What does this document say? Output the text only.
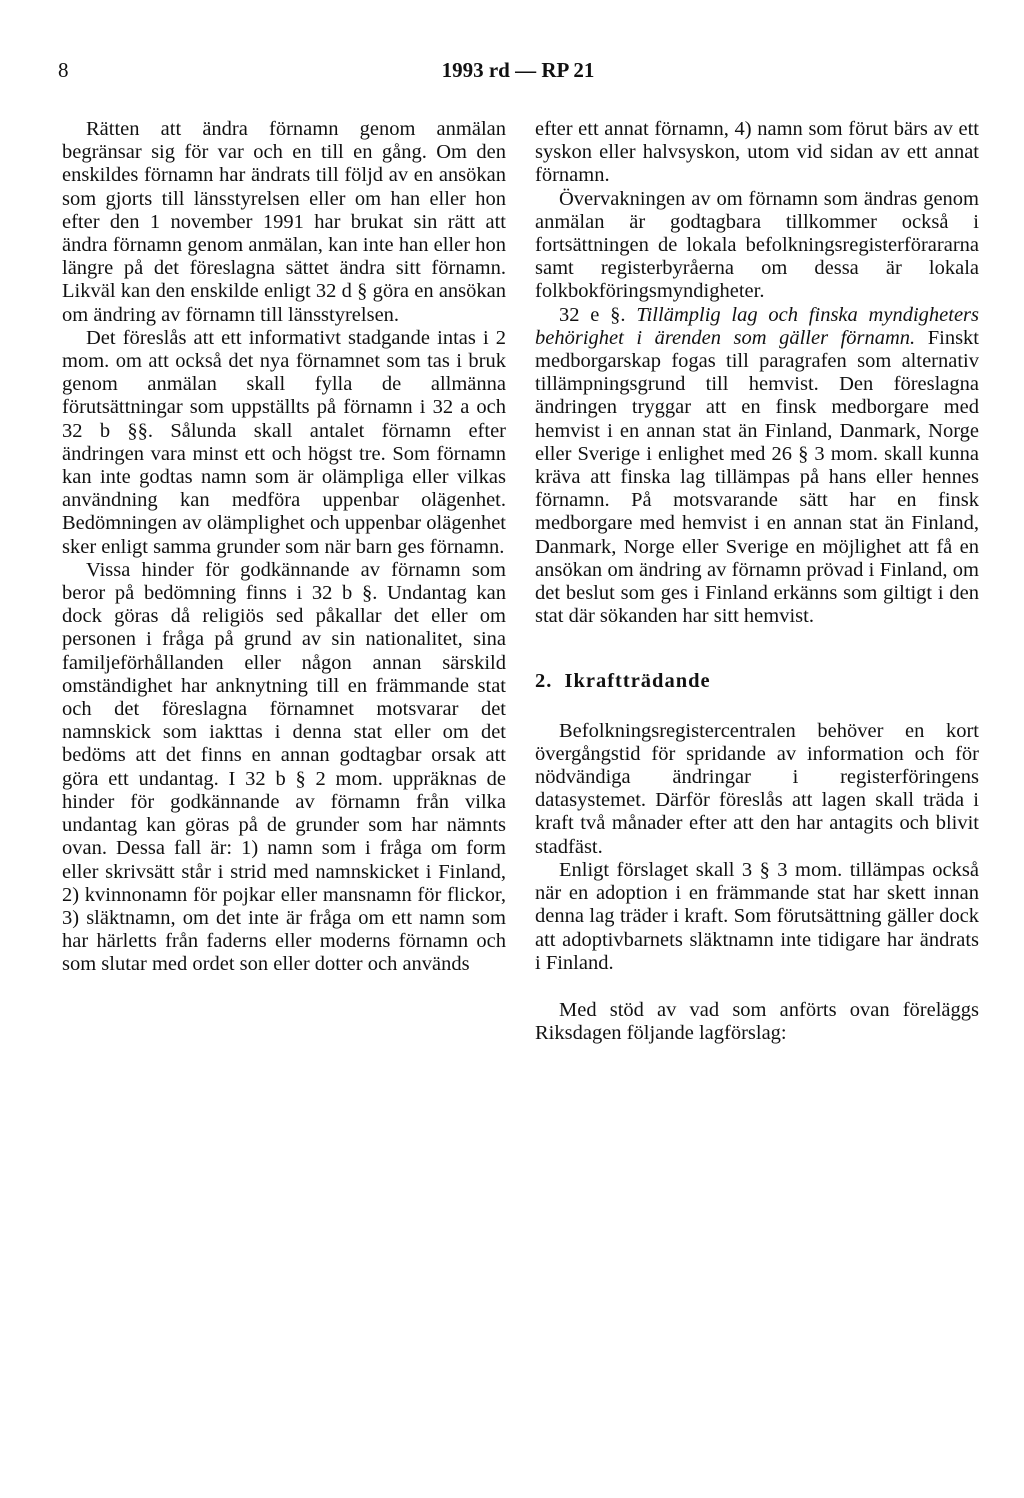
8	1993 rd — RP 21

Rätten att ändra förnamn genom anmälan begränsar sig för var och en till en gång. Om den enskildes förnamn har ändrats till följd av en ansökan som gjorts till länsstyrelsen eller om han eller hon efter den 1 november 1991 har brukat sin rätt att ändra förnamn genom anmälan, kan inte han eller hon längre på det föreslagna sättet ändra sitt förnamn. Likväl kan den enskilde enligt 32 d § göra en ansökan om ändring av förnamn till länsstyrelsen.

Det föreslås att ett informativt stadgande intas i 2 mom. om att också det nya förnamnet som tas i bruk genom anmälan skall fylla de allmänna förutsättningar som uppställts på förnamn i 32 a och 32 b §§. Sålunda skall antalet förnamn efter ändringen vara minst ett och högst tre. Som förnamn kan inte godtas namn som är olämpliga eller vilkas användning kan medföra uppenbar olägenhet. Bedömningen av olämplighet och uppenbar olägenhet sker enligt samma grunder som när barn ges förnamn.

Vissa hinder för godkännande av förnamn som beror på bedömning finns i 32 b §. Undantag kan dock göras då religiös sed påkallar det eller om personen i fråga på grund av sin nationalitet, sina familjeförhållanden eller någon annan särskild omständighet har anknytning till en främmande stat och det föreslagna förnamnet motsvarar det namnskick som iakttas i denna stat eller om det bedöms att det finns en annan godtagbar orsak att göra ett undantag. I 32 b § 2 mom. uppräknas de hinder för godkännande av förnamn från vilka undantag kan göras på de grunder som har nämnts ovan. Dessa fall är: 1) namn som i fråga om form eller skrivsätt står i strid med namnskicket i Finland, 2) kvinnonamn för pojkar eller mansnamn för flickor, 3) släktnamn, om det inte är fråga om ett namn som har härletts från faderns eller moderns förnamn och som slutar med ordet son eller dotter och används

efter ett annat förnamn, 4) namn som förut bärs av ett syskon eller halvsyskon, utom vid sidan av ett annat förnamn.

Övervakningen av om förnamn som ändras genom anmälan är godtagbara tillkommer också i fortsättningen de lokala befolkningsregisterförararna samt registerbyråerna om dessa är lokala folkbokföringsmyndigheter.

32 e §. Tillämplig lag och finska myndigheters behörighet i ärenden som gäller förnamn. Finskt medborgarskap fogas till paragrafen som alternativ tillämpningsgrund till hemvist. Den föreslagna ändringen tryggar att en finsk medborgare med hemvist i en annan stat än Finland, Danmark, Norge eller Sverige i enlighet med 26 § 3 mom. skall kunna kräva att finska lag tillämpas på hans eller hennes förnamn. På motsvarande sätt har en finsk medborgare med hemvist i en annan stat än Finland, Danmark, Norge eller Sverige en möjlighet att få en ansökan om ändring av förnamn prövad i Finland, om det beslut som ges i Finland erkänns som giltigt i den stat där sökanden har sitt hemvist.

2. Ikraftträdande

Befolkningsregistercentralen behöver en kort övergångstid för spridande av information och för nödvändiga ändringar i registerföringens datasystemet. Därför föreslås att lagen skall träda i kraft två månader efter att den har antagits och blivit stadfäst.

Enligt förslaget skall 3 § 3 mom. tillämpas också när en adoption i en främmande stat har skett innan denna lag träder i kraft. Som förutsättning gäller dock att adoptivbarnets släktnamn inte tidigare har ändrats i Finland.

Med stöd av vad som anförts ovan föreläggs Riksdagen följande lagförslag:
